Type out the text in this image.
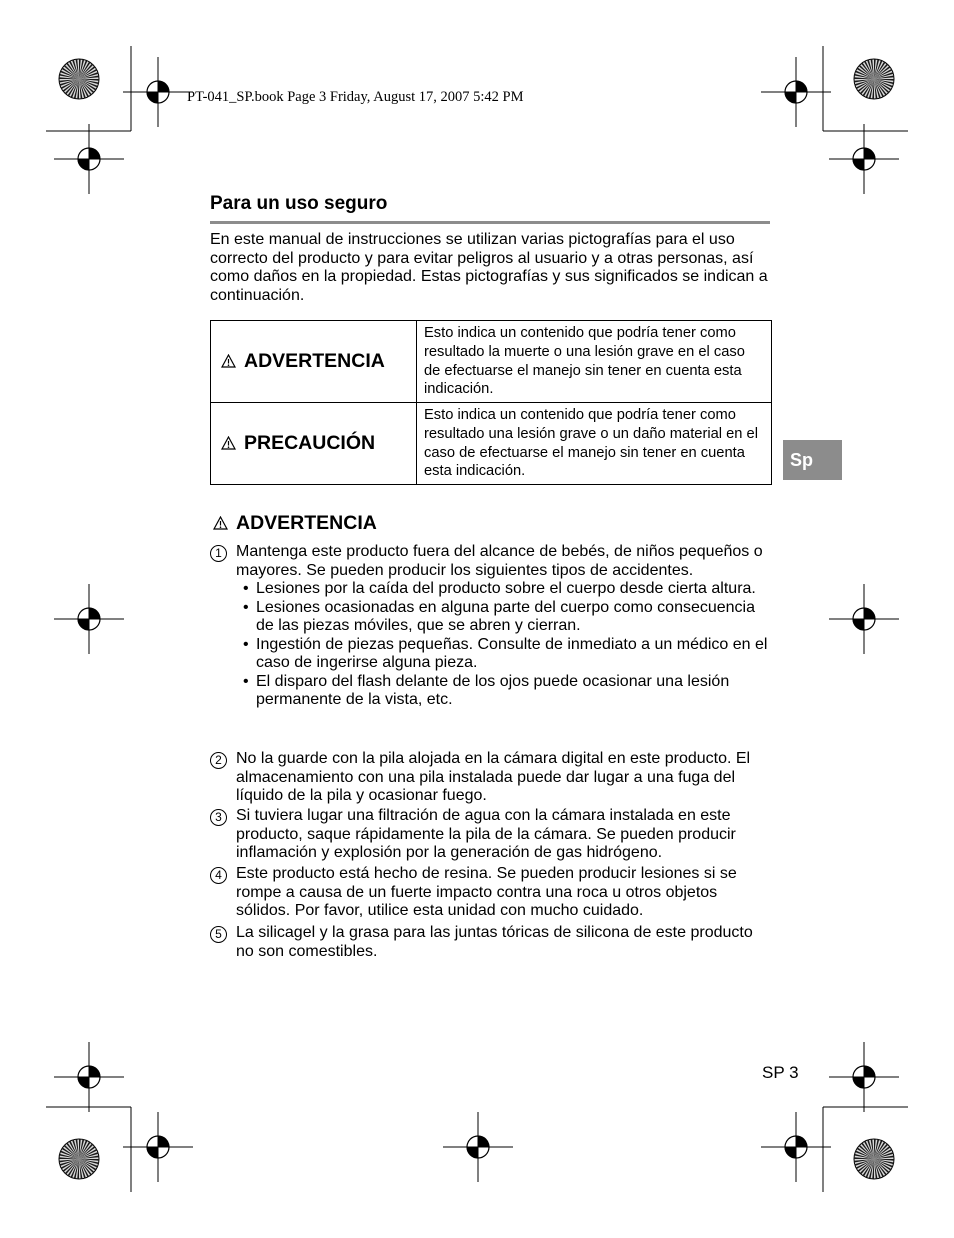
PT-041_SP.book Page 3 Friday, August 17, 2007 5:42 PM
Para un uso seguro
En este manual de instrucciones se utilizan varias pictografías para el uso correcto del producto y para evitar peligros al usuario y a otras personas, así como daños en la propiedad. Estas pictografías y sus significados se indican a continuación.
ADVERTENCIA	Esto indica un contenido que podría tener como resultado la muerte o una lesión grave en el caso de efectuarse el manejo sin tener en cuenta esta indicación.
PRECAUCIÓN	Esto indica un contenido que podría tener como resultado una lesión grave o un daño material en el caso de efectuarse el manejo sin tener en cuenta esta indicación.
Sp
ADVERTENCIA
1 Mantenga este producto fuera del alcance de bebés, de niños pequeños o mayores. Se pueden producir los siguientes tipos de accidentes.
• Lesiones por la caída del producto sobre el cuerpo desde cierta altura.
• Lesiones ocasionadas en alguna parte del cuerpo como consecuencia de las piezas móviles, que se abren y cierran.
• Ingestión de piezas pequeñas. Consulte de inmediato a un médico en el caso de ingerirse alguna pieza.
• El disparo del flash delante de los ojos puede ocasionar una lesión permanente de la vista, etc.
2 No la guarde con la pila alojada en la cámara digital en este producto. El almacenamiento con una pila instalada puede dar lugar a una fuga del líquido de la pila y ocasionar fuego.
3 Si tuviera lugar una filtración de agua con la cámara instalada en este producto, saque rápidamente la pila de la cámara. Se pueden producir inflamación y explosión por la generación de gas hidrógeno.
4 Este producto está hecho de resina. Se pueden producir lesiones si se rompe a causa de un fuerte impacto contra una roca u otros objetos sólidos. Por favor, utilice esta unidad con mucho cuidado.
5 La silicagel y la grasa para las juntas tóricas de silicona de este producto no son comestibles.
SP 3
